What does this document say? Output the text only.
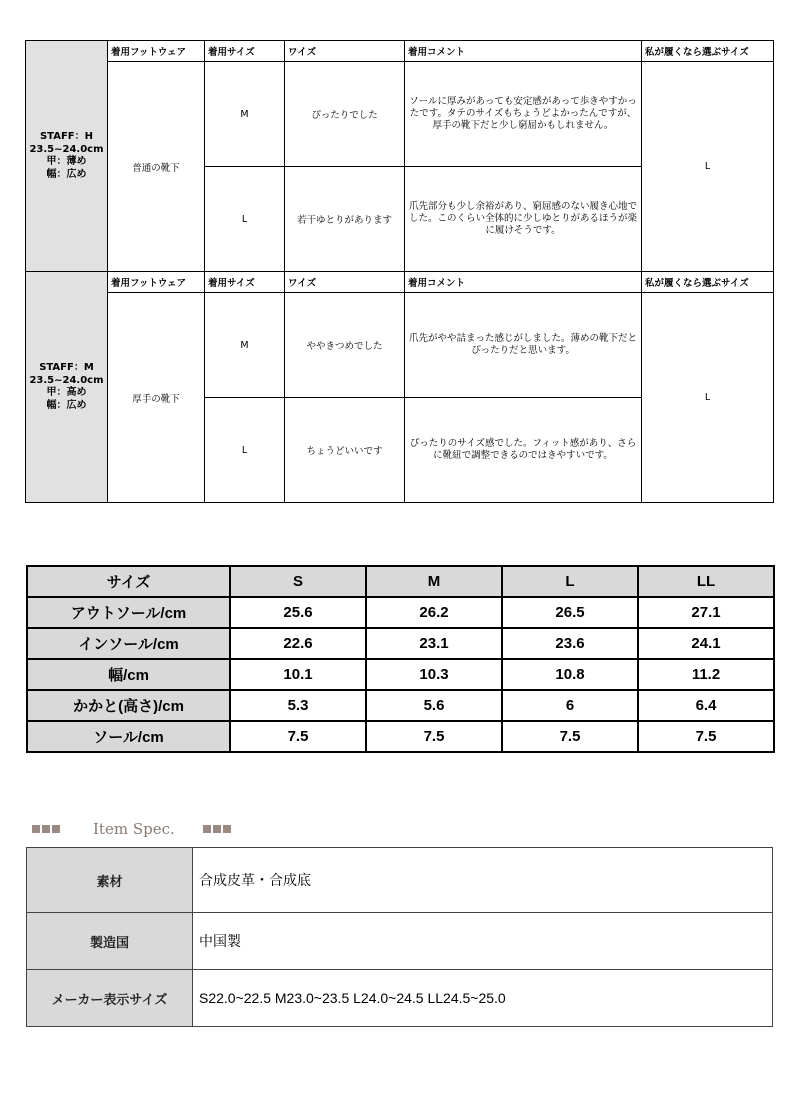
STAFF：H
23.5~24.0cm
甲：薄め
幅：広め	着用フットウェア	着用サイズ	ワイズ	着用コメント	私が履くなら選ぶサイズ
	普通の靴下	M	ぴったりでした	ソールに厚みがあっても安定感があって歩きやすかったです。タテのサイズもちょうどよかったんですが、厚手の靴下だと少し窮屈かもしれません。	L
		L	若干ゆとりがあります	爪先部分も少し余裕があり、窮屈感のない履き心地でした。このくらい全体的に少しゆとりがあるほうが楽に履けそうです。	
STAFF：M
23.5~24.0cm
甲：高め
幅：広め	着用フットウェア	着用サイズ	ワイズ	着用コメント	私が履くなら選ぶサイズ
	厚手の靴下	M	ややきつめでした	爪先がやや詰まった感じがしました。薄めの靴下だとぴったりだと思います。	L
		L	ちょうどいいです	ぴったりのサイズ感でした。フィット感があり、さらに靴紐で調整できるのではきやすいです。	
サイズ	S	M	L	LL
アウトソール/cm	25.6	26.2	26.5	27.1
インソール/cm	22.6	23.1	23.6	24.1
幅/cm	10.1	10.3	10.8	11.2
かかと(高さ)/cm	5.3	5.6	6	6.4
ソール/cm	7.5	7.5	7.5	7.5
Item Spec.
素材	合成皮革・合成底
製造国	中国製
メーカー表示サイズ	S22.0~22.5 M23.0~23.5 L24.0~24.5 LL24.5~25.0
